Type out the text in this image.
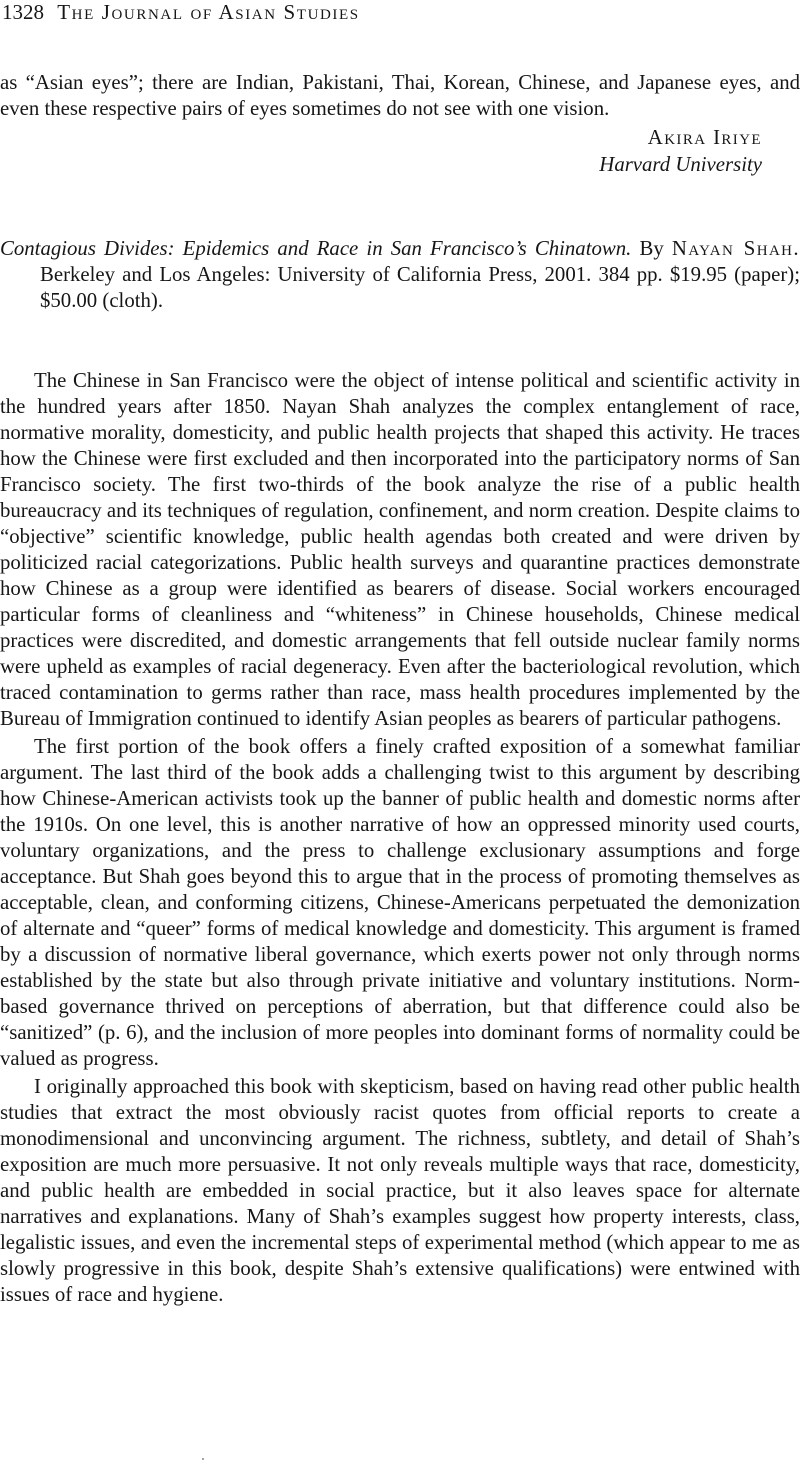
1328 The Journal of Asian Studies

as “Asian eyes”; there are Indian, Pakistani, Thai, Korean, Chinese, and Japanese eyes, and even these respective pairs of eyes sometimes do not see with one vision.

Akira Iriye
Harvard University
Contagious Divides: Epidemics and Race in San Francisco’s Chinatown. By Nayan Shah. Berkeley and Los Angeles: University of California Press, 2001. 384 pp. $19.95 (paper); $50.00 (cloth).

The Chinese in San Francisco were the object of intense political and scientific activity in the hundred years after 1850. Nayan Shah analyzes the complex entanglement of race, normative morality, domesticity, and public health projects that shaped this activity. He traces how the Chinese were first excluded and then incorporated into the participatory norms of San Francisco society. The first two-thirds of the book analyze the rise of a public health bureaucracy and its techniques of regulation, confinement, and norm creation. Despite claims to “objective” scientific knowledge, public health agendas both created and were driven by politicized racial categorizations. Public health surveys and quarantine practices demonstrate how Chinese as a group were identified as bearers of disease. Social workers encouraged particular forms of cleanliness and “whiteness” in Chinese households, Chinese medical practices were discredited, and domestic arrangements that fell outside nuclear family norms were upheld as examples of racial degeneracy. Even after the bacteriological revolution, which traced contamination to germs rather than race, mass health procedures implemented by the Bureau of Immigration continued to identify Asian peoples as bearers of particular pathogens.

The first portion of the book offers a finely crafted exposition of a somewhat familiar argument. The last third of the book adds a challenging twist to this argument by describing how Chinese-American activists took up the banner of public health and domestic norms after the 1910s. On one level, this is another narrative of how an oppressed minority used courts, voluntary organizations, and the press to challenge exclusionary assumptions and forge acceptance. But Shah goes beyond this to argue that in the process of promoting themselves as acceptable, clean, and conforming citizens, Chinese-Americans perpetuated the demonization of alternate and “queer” forms of medical knowledge and domesticity. This argument is framed by a discussion of normative liberal governance, which exerts power not only through norms established by the state but also through private initiative and voluntary institutions. Norm-based governance thrived on perceptions of aberration, but that difference could also be “sanitized” (p. 6), and the inclusion of more peoples into dominant forms of normality could be valued as progress.

I originally approached this book with skepticism, based on having read other public health studies that extract the most obviously racist quotes from official reports to create a monodimensional and unconvincing argument. The richness, subtlety, and detail of Shah’s exposition are much more persuasive. It not only reveals multiple ways that race, domesticity, and public health are embedded in social practice, but it also leaves space for alternate narratives and explanations. Many of Shah’s examples suggest how property interests, class, legalistic issues, and even the incremental steps of experimental method (which appear to me as slowly progressive in this book, despite Shah’s extensive qualifications) were entwined with issues of race and hygiene.
